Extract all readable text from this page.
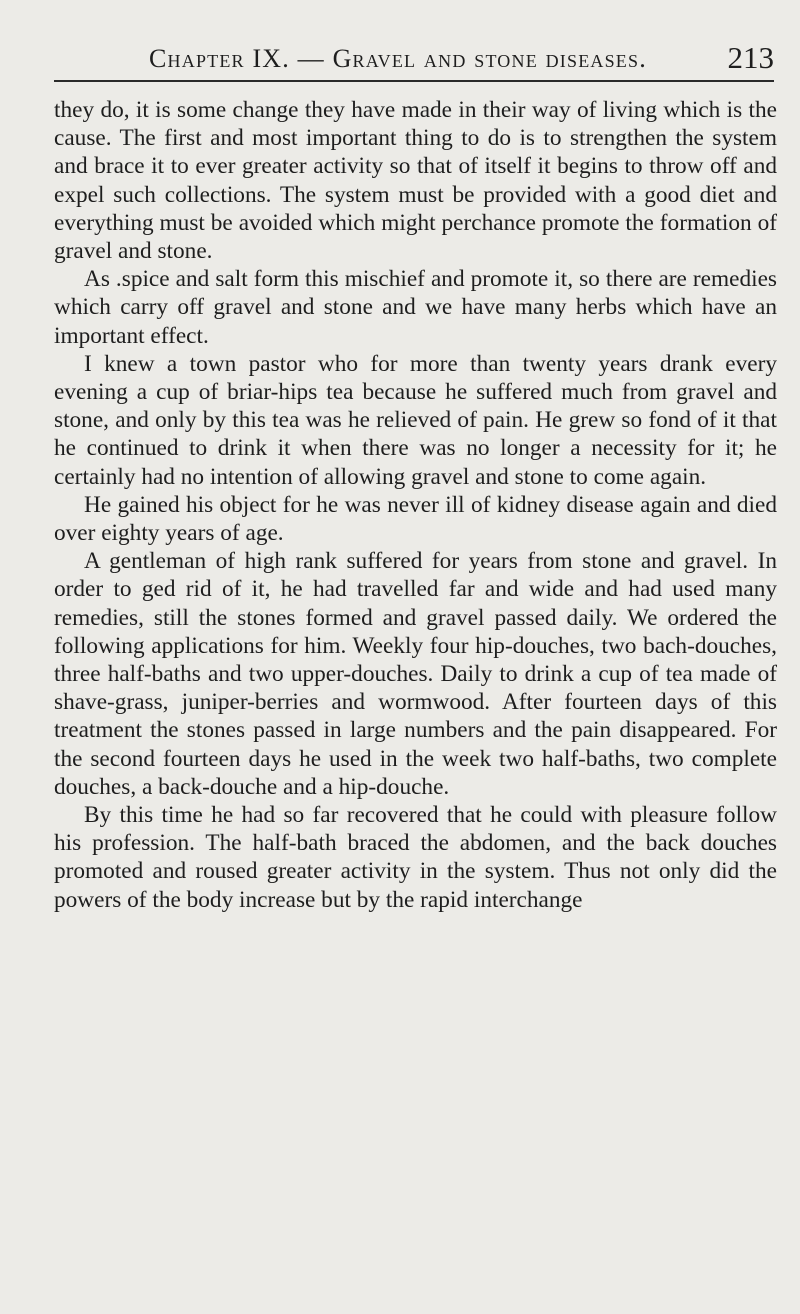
Chapter IX. — Gravel and stone diseases.	213

they do, it is some change they have made in their way of living which is the cause. The first and most important thing to do is to strengthen the system and brace it to ever greater activity so that of itself it begins to throw off and expel such collections. The system must be provided with a good diet and everything must be avoided which might perchance promote the formation of gravel and stone.

As .spice and salt form this mischief and promote it, so there are remedies which carry off gravel and stone and we have many herbs which have an important effect.

I knew a town pastor who for more than twenty years drank every evening a cup of briar-hips tea because he suffered much from gravel and stone, and only by this tea was he relieved of pain. He grew so fond of it that he continued to drink it when there was no longer a necessity for it; he certainly had no intention of allowing gravel and stone to come again.

He gained his object for he was never ill of kidney disease again and died over eighty years of age.

A gentleman of high rank suffered for years from stone and gravel. In order to ged rid of it, he had travelled far and wide and had used many remedies, still the stones formed and gravel passed daily. We ordered the following applications for him. Weekly four hip-douches, two bach-douches, three half-baths and two upper-douches. Daily to drink a cup of tea made of shave-grass, juniper-berries and wormwood. After fourteen days of this treatment the stones passed in large numbers and the pain disappeared. For the second fourteen days he used in the week two half-baths, two complete douches, a back-douche and a hip-douche.

By this time he had so far recovered that he could with pleasure follow his profession. The half-bath braced the abdomen, and the back douches promoted and roused greater activity in the system. Thus not only did the powers of the body increase but by the rapid interchange
